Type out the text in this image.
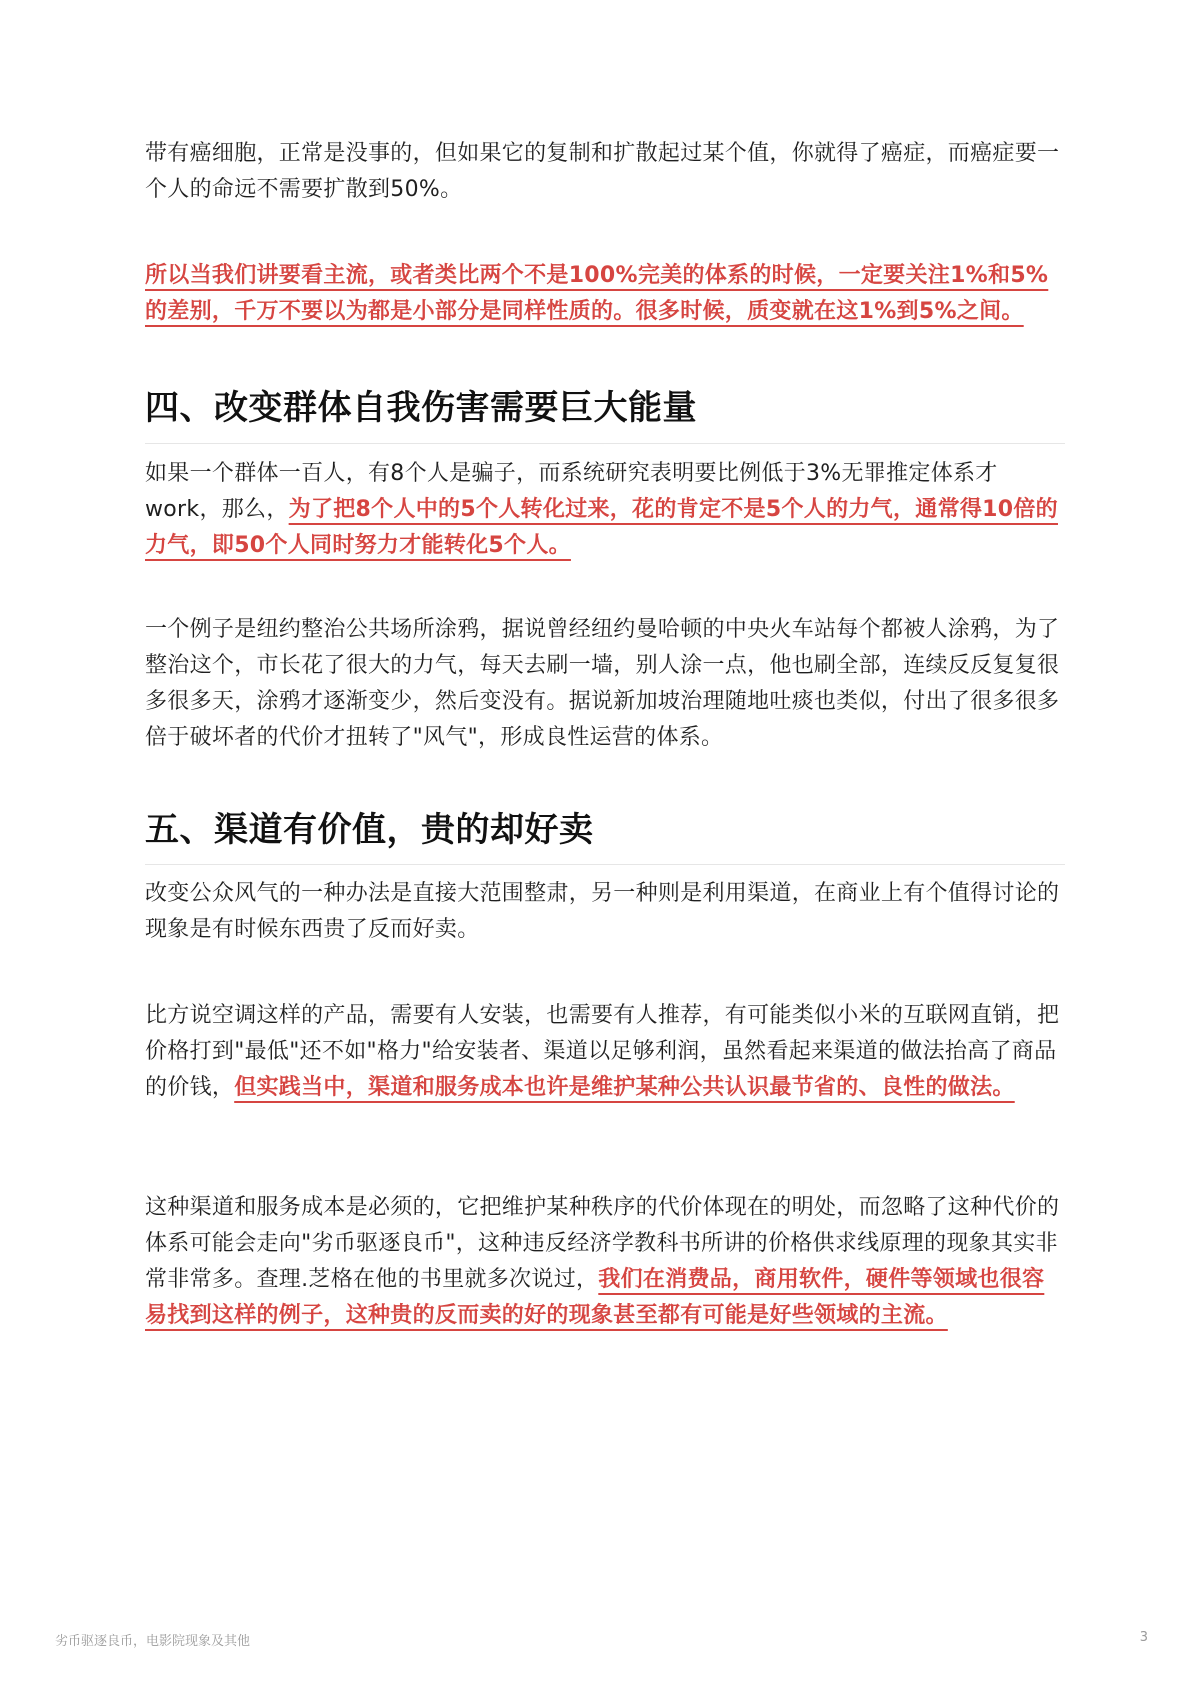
带有癌细胞，正常是没事的，但如果它的复制和扩散起过某个值，你就得了癌症，而癌症要一个人的命远不需要扩散到50%。

所以当我们讲要看主流，或者类比两个不是100%完美的体系的时候，一定要关注1%和5%的差别，千万不要以为都是小部分是同样性质的。很多时候，质变就在这1%到5%之间。

四、改变群体自我伤害需要巨大能量

如果一个群体一百人，有8个人是骗子，而系统研究表明要比例低于3%无罪推定体系才work，那么，为了把8个人中的5个人转化过来，花的肯定不是5个人的力气，通常得10倍的力气，即50个人同时努力才能转化5个人。

一个例子是纽约整治公共场所涂鸦，据说曾经纽约曼哈顿的中央火车站每个都被人涂鸦，为了整治这个，市长花了很大的力气，每天去刷一墙，别人涂一点，他也刷全部，连续反反复复很多很多天，涂鸦才逐渐变少，然后变没有。据说新加坡治理随地吐痰也类似，付出了很多很多倍于破坏者的代价才扭转了"风气"，形成良性运营的体系。

五、渠道有价值，贵的却好卖

改变公众风气的一种办法是直接大范围整肃，另一种则是利用渠道，在商业上有个值得讨论的现象是有时候东西贵了反而好卖。

比方说空调这样的产品，需要有人安装，也需要有人推荐，有可能类似小米的互联网直销，把价格打到"最低"还不如"格力"给安装者、渠道以足够利润，虽然看起来渠道的做法抬高了商品的价钱，但实践当中，渠道和服务成本也许是维护某种公共认识最节省的、良性的做法。

这种渠道和服务成本是必须的，它把维护某种秩序的代价体现在的明处，而忽略了这种代价的体系可能会走向"劣币驱逐良币"，这种违反经济学教科书所讲的价格供求线原理的现象其实非常非常多。查理.芝格在他的书里就多次说过，我们在消费品，商用软件，硬件等领域也很容易找到这样的例子，这种贵的反而卖的好的现象甚至都有可能是好些领域的主流。

劣币驱逐良币，电影院现象及其他	3
